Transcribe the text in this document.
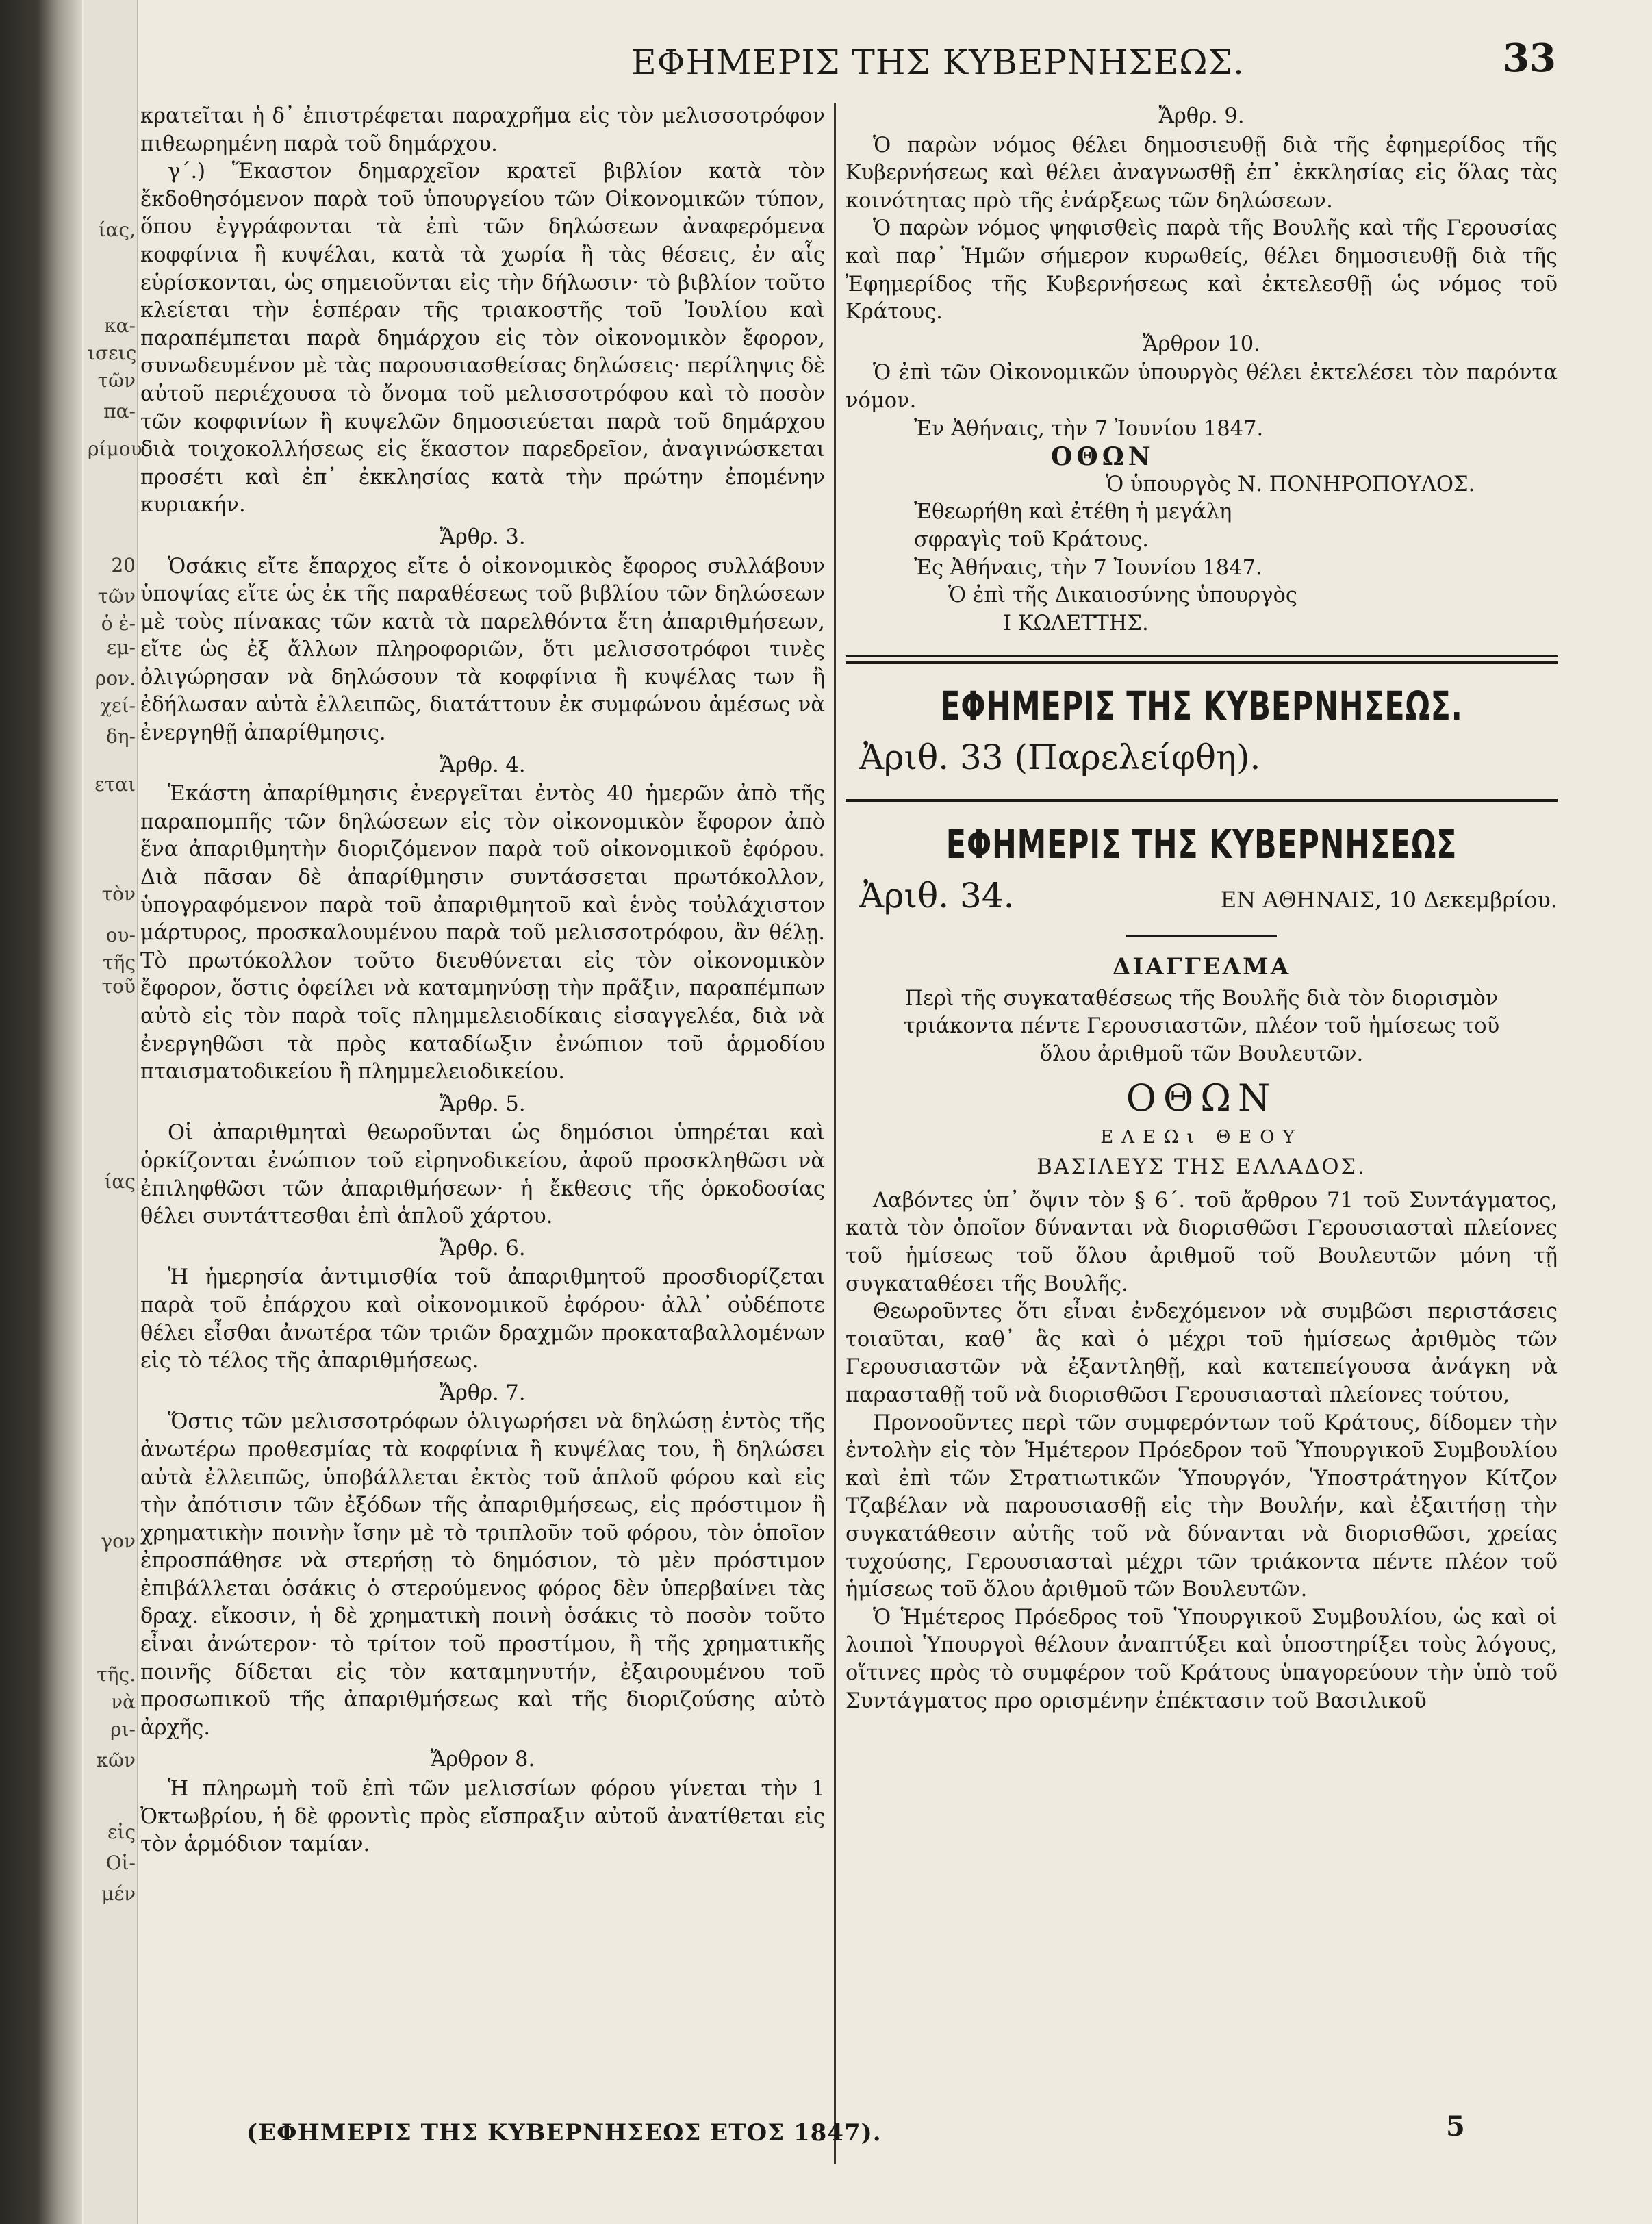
ΕΦΗΜΕΡΙΣ ΤΗΣ ΚΥΒΕΡΝΗΣΕΩΣ.	33

κρατεῖται ἡ δ᾽ ἐπιστρέφεται παραχρῆμα εἰς τὸν μελισσοτρόφον πιθεωρημένη παρὰ τοῦ δημάρχου.

γ΄.) Ἕκαστον δημαρχεῖον κρατεῖ βιβλίον κατὰ τὸν ἔκδοθησόμενον παρὰ τοῦ ὑπουργείου τῶν Οἰκονομικῶν τύπον, ὅπου ἐγγράφονται τὰ ἐπὶ τῶν δηλώσεων ἀναφερόμενα κοφφίνια ἢ κυψέλαι, κατὰ τὰ χωρία ἢ τὰς θέσεις, ἐν αἷς εὑρίσκονται, ὡς σημειοῦνται εἰς τὴν δήλωσιν· τὸ βιβλίον τοῦτο κλείεται τὴν ἑσπέραν τῆς τριακοστῆς τοῦ Ἰουλίου καὶ παραπέμπεται παρὰ δημάρχου εἰς τὸν οἰκονομικὸν ἔφορον, συνωδευμένον μὲ τὰς παρουσιασθείσας δηλώσεις· περίληψις δὲ αὐτοῦ περιέχουσα τὸ ὄνομα τοῦ μελισσοτρόφου καὶ τὸ ποσὸν τῶν κοφφινίων ἢ κυψελῶν δημοσιεύεται παρὰ τοῦ δημάρχου διὰ τοιχοκολλήσεως εἰς ἕκαστον παρεδρεῖον, ἀναγινώσκεται προσέτι καὶ ἐπ᾽ ἐκκλησίας κατὰ τὴν πρώτην ἐπομένην κυριακήν.

Ἄρθρ. 3.

Ὁσάκις εἴτε ἔπαρχος εἴτε ὁ οἰκονομικὸς ἔφορος συλλάβουν ὑποψίας εἴτε ὡς ἐκ τῆς παραθέσεως τοῦ βιβλίου τῶν δηλώσεων μὲ τοὺς πίνακας τῶν κατὰ τὰ παρελθόντα ἔτη ἀπαριθμήσεων, εἴτε ὡς ἐξ ἄλλων πληροφοριῶν, ὅτι μελισσοτρόφοι τινὲς ὀλιγώρησαν νὰ δηλώσουν τὰ κοφφίνια ἢ κυψέλας των ἢ ἐδήλωσαν αὐτὰ ἐλλειπῶς, διατάττουν ἐκ συμφώνου ἀμέσως νὰ ἐνεργηθῇ ἀπαρίθμησις.

Ἄρθρ. 4.

Ἑκάστη ἀπαρίθμησις ἐνεργεῖται ἐντὸς 40 ἡμερῶν ἀπὸ τῆς παραπομπῆς τῶν δηλώσεων εἰς τὸν οἰκονομικὸν ἔφορον ἀπὸ ἕνα ἀπαριθμητὴν διοριζόμενον παρὰ τοῦ οἰκονομικοῦ ἐφόρου. Διὰ πᾶσαν δὲ ἀπαρίθμησιν συντάσσεται πρωτόκολλον, ὑπογραφόμενον παρὰ τοῦ ἀπαριθμητοῦ καὶ ἑνὸς τοὐλάχιστον μάρτυρος, προσκαλουμένου παρὰ τοῦ μελισσοτρόφου, ἂν θέλῃ. Τὸ πρωτόκολλον τοῦτο διευθύνεται εἰς τὸν οἰκονομικὸν ἔφορον, ὅστις ὀφείλει νὰ καταμηνύσῃ τὴν πρᾶξιν, παραπέμπων αὐτὸ εἰς τὸν παρὰ τοῖς πλημμελειοδίκαις εἰσαγγελέα, διὰ νὰ ἐνεργηθῶσι τὰ πρὸς καταδίωξιν ἐνώπιον τοῦ ἁρμοδίου πταισματοδικείου ἢ πλημμελειοδικείου.

Ἄρθρ. 5.

Οἱ ἀπαριθμηταὶ θεωροῦνται ὡς δημόσιοι ὑπηρέται καὶ ὁρκίζονται ἐνώπιον τοῦ εἰρηνοδικείου, ἀφοῦ προσκληθῶσι νὰ ἐπιληφθῶσι τῶν ἀπαριθμήσεων· ἡ ἔκθεσις τῆς ὁρκοδοσίας θέλει συντάττεσθαι ἐπὶ ἁπλοῦ χάρτου.

Ἄρθρ. 6.

Ἡ ἡμερησία ἀντιμισθία τοῦ ἀπαριθμητοῦ προσδιορίζεται παρὰ τοῦ ἐπάρχου καὶ οἰκονομικοῦ ἐφόρου· ἀλλ᾽ οὐδέποτε θέλει εἶσθαι ἀνωτέρα τῶν τριῶν δραχμῶν προκαταβαλλομένων εἰς τὸ τέλος τῆς ἀπαριθμήσεως.

Ἄρθρ. 7.

Ὅστις τῶν μελισσοτρόφων ὀλιγωρήσει νὰ δηλώσῃ ἐντὸς τῆς ἀνωτέρω προθεσμίας τὰ κοφφίνια ἢ κυψέλας του, ἢ δηλώσει αὐτὰ ἐλλειπῶς, ὑποβάλλεται ἐκτὸς τοῦ ἁπλοῦ φόρου καὶ εἰς τὴν ἀπότισιν τῶν ἐξόδων τῆς ἀπαριθμήσεως, εἰς πρόστιμον ἢ χρηματικὴν ποινὴν ἴσην μὲ τὸ τριπλοῦν τοῦ φόρου, τὸν ὁποῖον ἐπροσπάθησε νὰ στερήσῃ τὸ δημόσιον, τὸ μὲν πρόστιμον ἐπιβάλλεται ὁσάκις ὁ στερούμενος φόρος δὲν ὑπερβαίνει τὰς δραχ. εἴκοσιν, ἡ δὲ χρηματικὴ ποινὴ ὁσάκις τὸ ποσὸν τοῦτο εἶναι ἀνώτερον· τὸ τρίτον τοῦ προστίμου, ἢ τῆς χρηματικῆς ποινῆς δίδεται εἰς τὸν καταμηνυτήν, ἐξαιρουμένου τοῦ προσωπικοῦ τῆς ἀπαριθμήσεως καὶ τῆς διοριζούσης αὐτὸ ἀρχῆς.

Ἄρθρον 8.

Ἡ πληρωμὴ τοῦ ἐπὶ τῶν μελισσίων φόρου γίνεται τὴν 1 Ὀκτωβρίου, ἡ δὲ φροντὶς πρὸς εἴσπραξιν αὐτοῦ ἀνατίθεται εἰς τὸν ἁρμόδιον ταμίαν.

(ΕΦΗΜΕΡΙΣ ΤΗΣ ΚΥΒΕΡΝΗΣΕΩΣ ΕΤΟΣ 1847).

Ἄρθρ. 9.

Ὁ παρὼν νόμος θέλει δημοσιευθῇ διὰ τῆς ἐφημερίδος τῆς Κυβερνήσεως καὶ θέλει ἀναγνωσθῇ ἐπ᾽ ἐκκλησίας εἰς ὅλας τὰς κοινότητας πρὸ τῆς ἐνάρξεως τῶν δηλώσεων.

Ὁ παρὼν νόμος ψηφισθεὶς παρὰ τῆς Βουλῆς καὶ τῆς Γερουσίας καὶ παρ᾽ Ἡμῶν σήμερον κυρωθείς, θέλει δημοσιευθῇ διὰ τῆς Ἐφημερίδος τῆς Κυβερνήσεως καὶ ἐκτελεσθῇ ὡς νόμος τοῦ Κράτους.

Ἄρθρον 10.

Ὁ ἐπὶ τῶν Οἰκονομικῶν ὑπουργὸς θέλει ἐκτελέσει τὸν παρόντα νόμον.

Ἐν Ἀθήναις, τὴν 7 Ἰουνίου 1847.

ΟΘΩΝ

Ὁ ὑπουργὸς Ν. ΠΟΝΗΡΟΠΟΥΛΟΣ.

Ἐθεωρήθη καὶ ἐτέθη ἡ μεγάλη

σφραγὶς τοῦ Κράτους.

Ἐς Ἀθήναις, τὴν 7 Ἰουνίου 1847.

Ὁ ἐπὶ τῆς Δικαιοσύνης ὑπουργὸς

Ι ΚΩΛΕΤΤΗΣ.

ΕΦΗΜΕΡΙΣ ΤΗΣ ΚΥΒΕΡΝΗΣΕΩΣ.

Ἀριθ. 33 (Παρελείφθη).

ΕΦΗΜΕΡΙΣ ΤΗΣ ΚΥΒΕΡΝΗΣΕΩΣ

Ἀριθ. 34.	ΕΝ ΑΘΗΝΑΙΣ, 10 Δεκεμβρίου.

ΔΙΑΓΓΕΛΜΑ

Περὶ τῆς συγκαταθέσεως τῆς Βουλῆς διὰ τὸν διορισμὸν τριάκοντα πέντε Γερουσιαστῶν, πλέον τοῦ ἡμίσεως τοῦ ὅλου ἀριθμοῦ τῶν Βουλευτῶν.

ΟΘΩΝ

ΕΛΕΩι ΘΕΟΥ

ΒΑΣΙΛΕΥΣ ΤΗΣ ΕΛΛΑΔΟΣ.

Λαβόντες ὑπ᾽ ὄψιν τὸν § 6΄. τοῦ ἄρθρου 71 τοῦ Συντάγματος, κατὰ τὸν ὁποῖον δύνανται νὰ διορισθῶσι Γερουσιασταὶ πλείονες τοῦ ἡμίσεως τοῦ ὅλου ἀριθμοῦ τοῦ Βουλευτῶν μόνη τῇ συγκαταθέσει τῆς Βουλῆς.

Θεωροῦντες ὅτι εἶναι ἐνδεχόμενον νὰ συμβῶσι περιστάσεις τοιαῦται, καθ᾽ ἃς καὶ ὁ μέχρι τοῦ ἡμίσεως ἀριθμὸς τῶν Γερουσιαστῶν νὰ ἐξαντληθῇ, καὶ κατεπείγουσα ἀνάγκη νὰ παρασταθῇ τοῦ νὰ διορισθῶσι Γερουσιασταὶ πλείονες τούτου,

Προνοοῦντες περὶ τῶν συμφερόντων τοῦ Κράτους, δίδομεν τὴν ἐντολὴν εἰς τὸν Ἡμέτερον Πρόεδρον τοῦ Ὑπουργικοῦ Συμβουλίου καὶ ἐπὶ τῶν Στρατιωτικῶν Ὑπουργόν, Ὑποστράτηγον Κίτζον Τζαβέλαν νὰ παρουσιασθῇ εἰς τὴν Βουλήν, καὶ ἐξαιτήσῃ τὴν συγκατάθεσιν αὐτῆς τοῦ νὰ δύνανται νὰ διορισθῶσι, χρείας τυχούσης, Γερουσιασταὶ μέχρι τῶν τριάκοντα πέντε πλέον τοῦ ἡμίσεως τοῦ ὅλου ἀριθμοῦ τῶν Βουλευτῶν.

Ὁ Ἡμέτερος Πρόεδρος τοῦ Ὑπουργικοῦ Συμβουλίου, ὡς καὶ οἱ λοιποὶ Ὑπουργοὶ θέλουν ἀναπτύξει καὶ ὑποστηρίξει τοὺς λόγους, οἵτινες πρὸς τὸ συμφέρον τοῦ Κράτους ὑπαγορεύουν τὴν ὑπὸ τοῦ Συντάγματος προ ορισμένην ἐπέκτασιν τοῦ Βασιλικοῦ

5
ίας,
κα-
ισεις
τῶν
πα-
ρίμου
20
τῶν
ὁ ἐ-
εμ-
ρον.
χεί-
δη-
εται
τὸν
ου-
τῆς
τοῦ
ίας
γον
τῆς.
νὰ
ρι-
κῶν
εἰς
Οἱ-
μέν
